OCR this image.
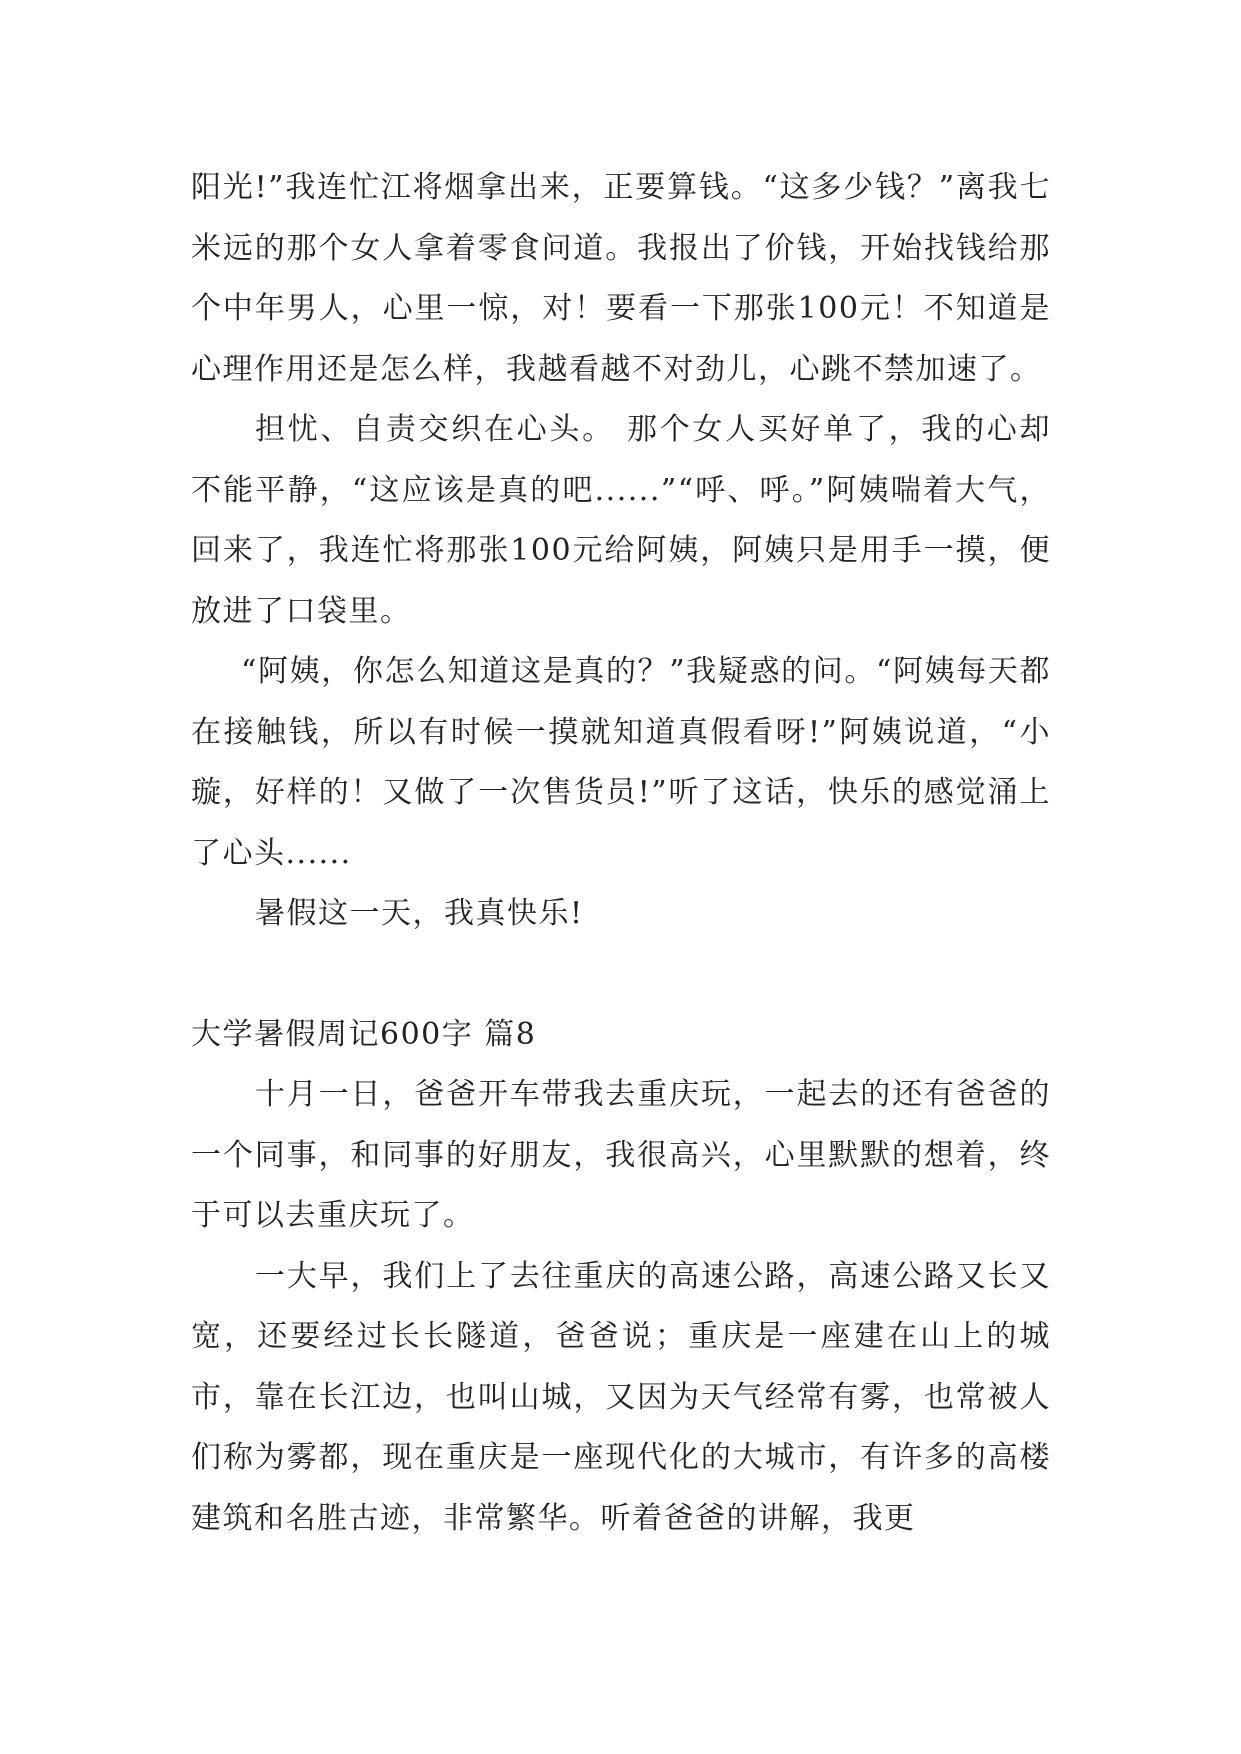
阳光!”我连忙江将烟拿出来，正要算钱。“这多少钱？”离我七米远的那个女人拿着零食问道。我报出了价钱，开始找钱给那个中年男人，心里一惊，对！要看一下那张100元！不知道是心理作用还是怎么样，我越看越不对劲儿，心跳不禁加速了。

担忧、自责交织在心头。 那个女人买好单了，我的心却不能平静，“这应该是真的吧......”“呼、呼。”阿姨喘着大气，回来了，我连忙将那张100元给阿姨，阿姨只是用手一摸，便放进了口袋里。

“阿姨，你怎么知道这是真的？”我疑惑的问。“阿姨每天都在接触钱，所以有时候一摸就知道真假看呀!”阿姨说道，“小璇，好样的！又做了一次售货员!”听了这话，快乐的感觉涌上了心头......

暑假这一天，我真快乐!

大学暑假周记600字 篇8

十月一日，爸爸开车带我去重庆玩，一起去的还有爸爸的一个同事，和同事的好朋友，我很高兴，心里默默的想着，终于可以去重庆玩了。

一大早，我们上了去往重庆的高速公路，高速公路又长又宽，还要经过长长隧道，爸爸说；重庆是一座建在山上的城市，靠在长江边，也叫山城，又因为天气经常有雾，也常被人们称为雾都，现在重庆是一座现代化的大城市，有许多的高楼建筑和名胜古迹，非常繁华。听着爸爸的讲解，我更
